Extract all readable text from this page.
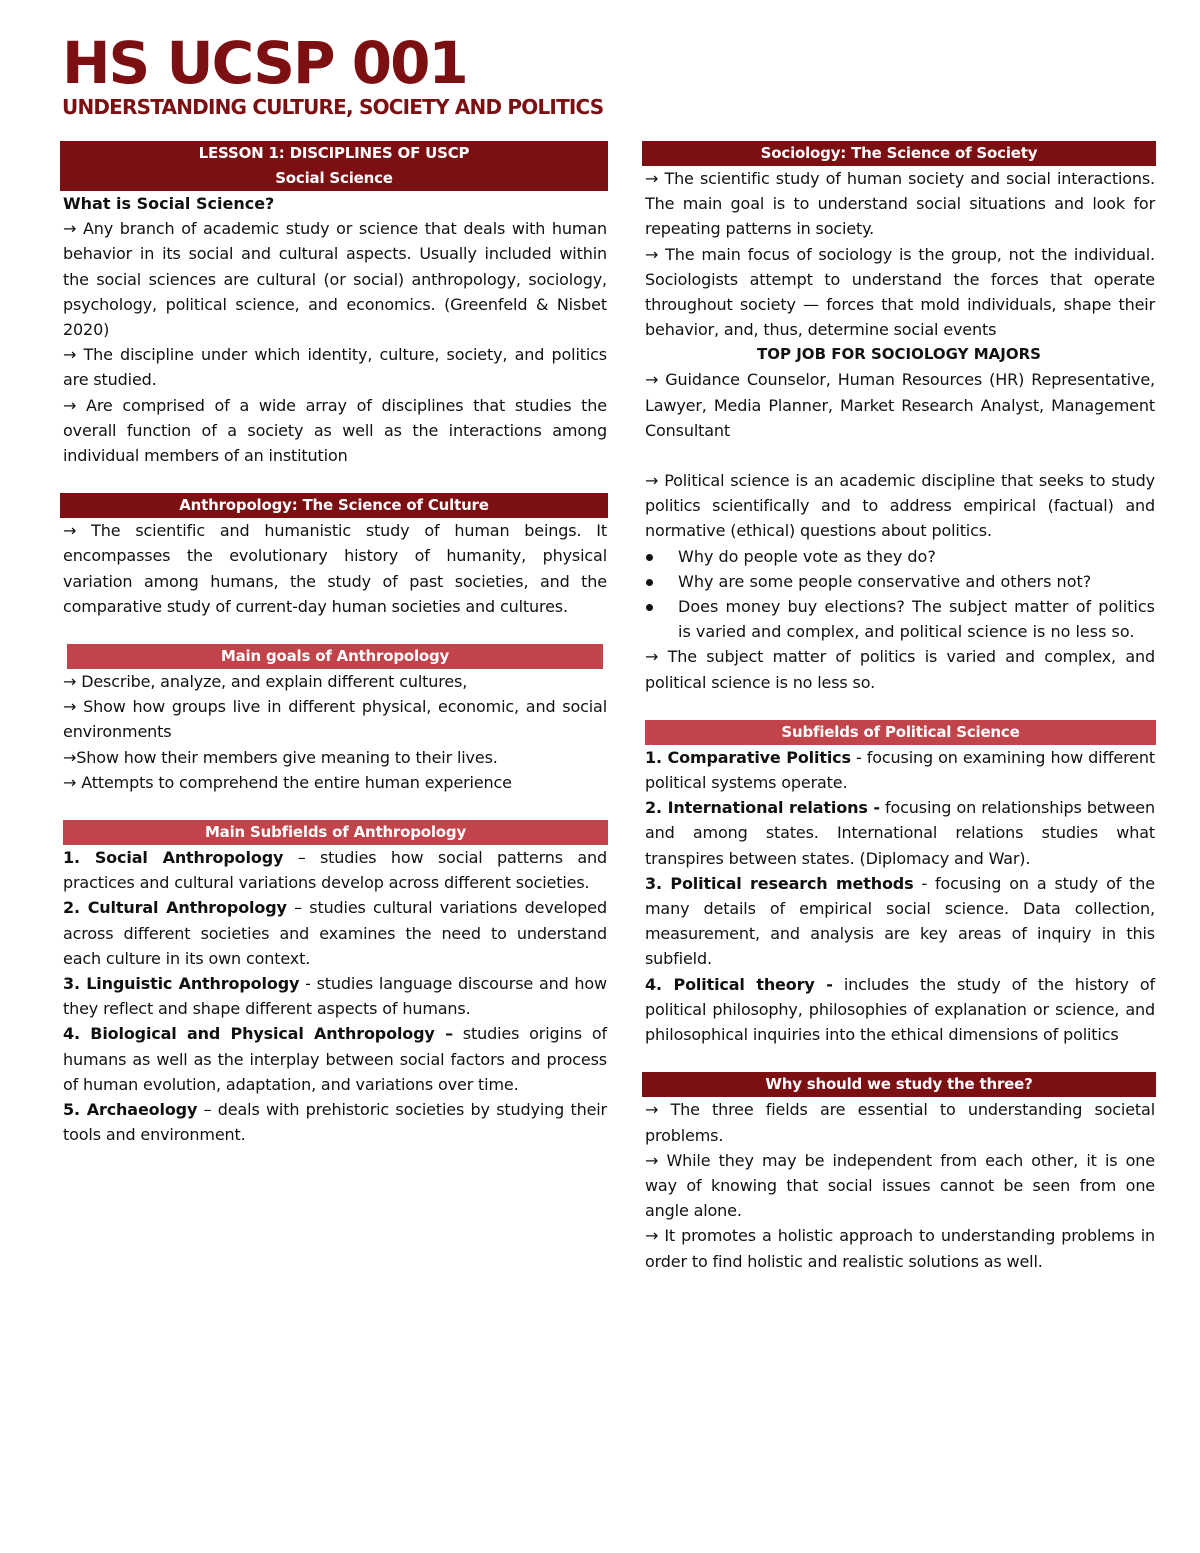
HS UCSP 001
UNDERSTANDING CULTURE, SOCIETY AND POLITICS
LESSON 1: DISCIPLINES OF USCP
Social Science
What is Social Science?

→ Any branch of academic study or science that deals with human behavior in its social and cultural aspects. Usually included within the social sciences are cultural (or social) anthropology, sociology, psychology, political science, and economics. (Greenfeld & Nisbet 2020)

→ The discipline under which identity, culture, society, and politics are studied.

→ Are comprised of a wide array of disciplines that studies the overall function of a society as well as the interactions among individual members of an institution

Anthropology: The Science of Culture

→ The scientific and humanistic study of human beings. It encompasses the evolutionary history of humanity, physical variation among humans, the study of past societies, and the comparative study of current-day human societies and cultures.

Main goals of Anthropology

→ Describe, analyze, and explain different cultures,

→ Show how groups live in different physical, economic, and social environments

→Show how their members give meaning to their lives.

→ Attempts to comprehend the entire human experience

Main Subfields of Anthropology

1. Social Anthropology – studies how social patterns and practices and cultural variations develop across different societies.

2. Cultural Anthropology – studies cultural variations developed across different societies and examines the need to understand each culture in its own context.

3. Linguistic Anthropology - studies language discourse and how they reflect and shape different aspects of humans.

4. Biological and Physical Anthropology – studies origins of humans as well as the interplay between social factors and process of human evolution, adaptation, and variations over time.

5. Archaeology – deals with prehistoric societies by studying their tools and environment.

Sociology: The Science of Society

→ The scientific study of human society and social interactions. The main goal is to understand social situations and look for repeating patterns in society.

→ The main focus of sociology is the group, not the individual. Sociologists attempt to understand the forces that operate throughout society — forces that mold individuals, shape their behavior, and, thus, determine social events

TOP JOB FOR SOCIOLOGY MAJORS

→ Guidance Counselor, Human Resources (HR) Representative, Lawyer, Media Planner, Market Research Analyst, Management Consultant

→ Political science is an academic discipline that seeks to study politics scientifically and to address empirical (factual) and normative (ethical) questions about politics.

Why do people vote as they do?
Why are some people conservative and others not?
Does money buy elections? The subject matter of politics is varied and complex, and political science is no less so.

→ The subject matter of politics is varied and complex, and political science is no less so.

Subfields of Political Science

1. Comparative Politics - focusing on examining how different political systems operate.

2. International relations - focusing on relationships between and among states. International relations studies what transpires between states. (Diplomacy and War).

3. Political research methods - focusing on a study of the many details of empirical social science. Data collection, measurement, and analysis are key areas of inquiry in this subfield.

4. Political theory - includes the study of the history of political philosophy, philosophies of explanation or science, and philosophical inquiries into the ethical dimensions of politics

Why should we study the three?

→ The three fields are essential to understanding societal problems.

→ While they may be independent from each other, it is one way of knowing that social issues cannot be seen from one angle alone.

→ It promotes a holistic approach to understanding problems in order to find holistic and realistic solutions as well.
